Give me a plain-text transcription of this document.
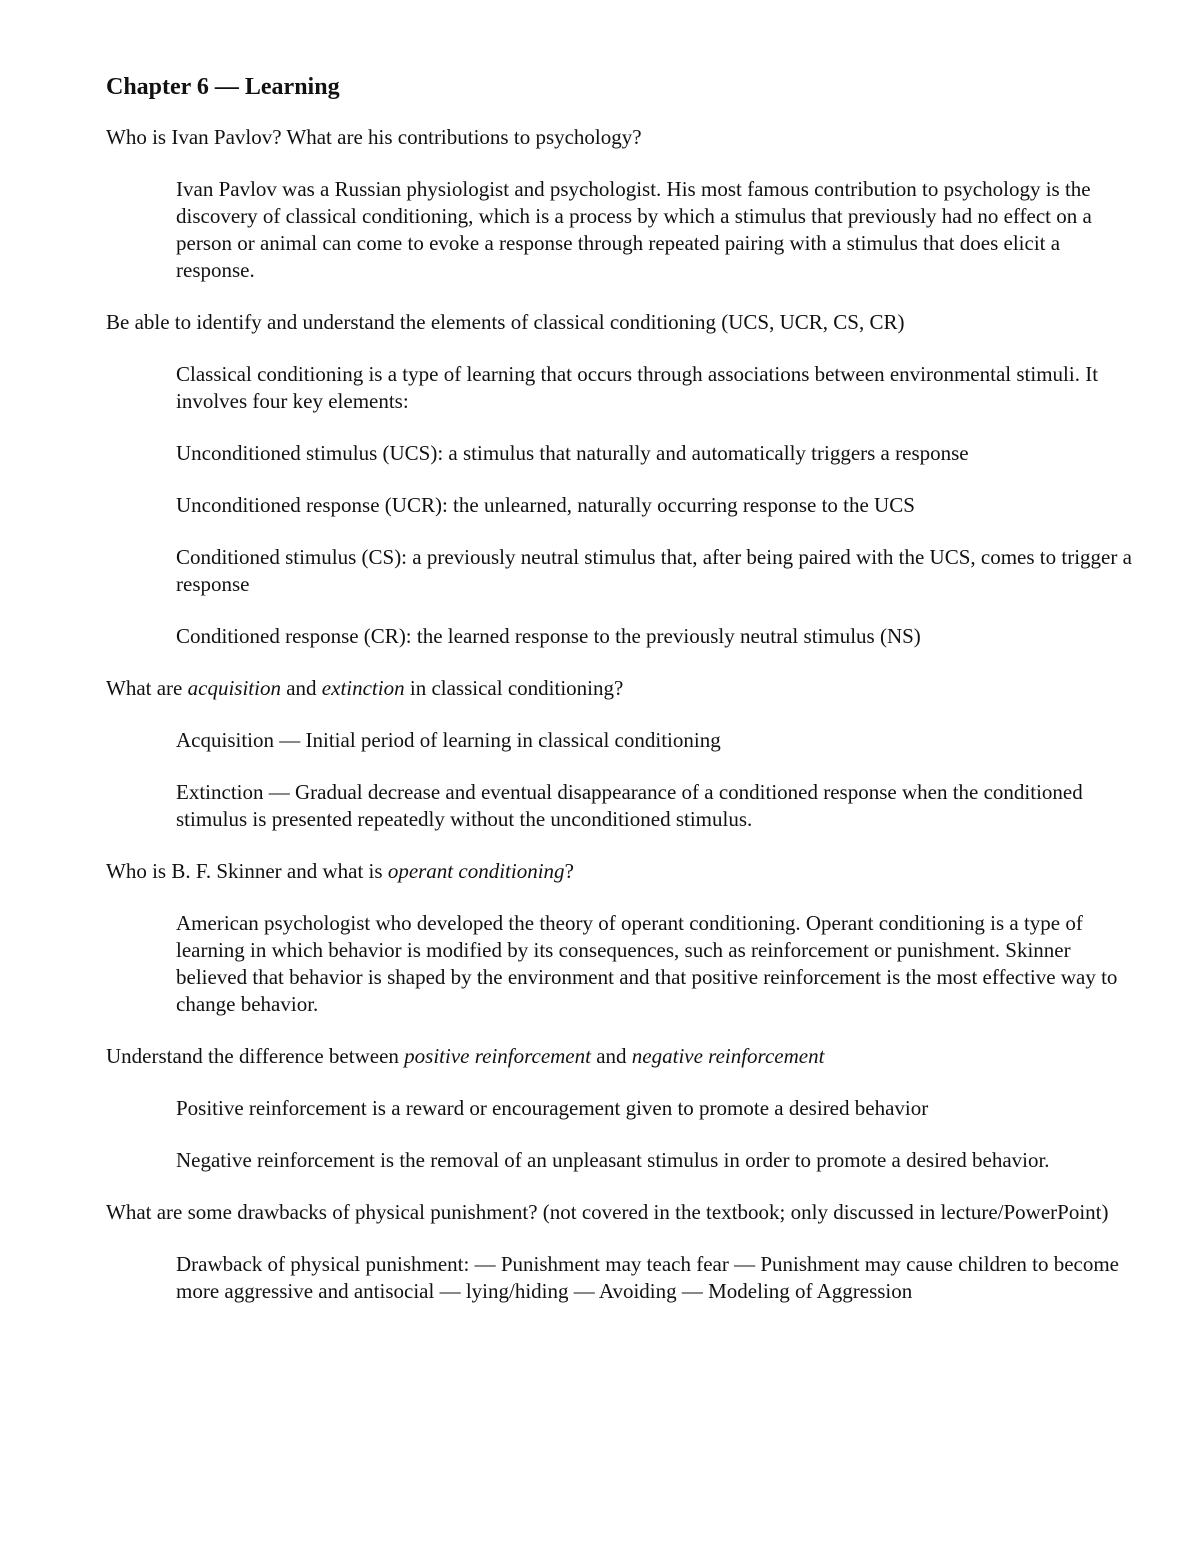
Chapter 6 — Learning
Who is Ivan Pavlov? What are his contributions to psychology?
Ivan Pavlov was a Russian physiologist and psychologist. His most famous contribution to psychology is the discovery of classical conditioning, which is a process by which a stimulus that previously had no effect on a person or animal can come to evoke a response through repeated pairing with a stimulus that does elicit a response.
Be able to identify and understand the elements of classical conditioning (UCS, UCR, CS, CR)
Classical conditioning is a type of learning that occurs through associations between environmental stimuli. It involves four key elements:
Unconditioned stimulus (UCS): a stimulus that naturally and automatically triggers a response
Unconditioned response (UCR): the unlearned, naturally occurring response to the UCS
Conditioned stimulus (CS): a previously neutral stimulus that, after being paired with the UCS, comes to trigger a response
Conditioned response (CR): the learned response to the previously neutral stimulus (NS)
What are acquisition and extinction in classical conditioning?
Acquisition — Initial period of learning in classical conditioning
Extinction — Gradual decrease and eventual disappearance of a conditioned response when the conditioned stimulus is presented repeatedly without the unconditioned stimulus.
Who is B. F. Skinner and what is operant conditioning?
American psychologist who developed the theory of operant conditioning. Operant conditioning is a type of learning in which behavior is modified by its consequences, such as reinforcement or punishment. Skinner believed that behavior is shaped by the environment and that positive reinforcement is the most effective way to change behavior.
Understand the difference between positive reinforcement and negative reinforcement
Positive reinforcement is a reward or encouragement given to promote a desired behavior
Negative reinforcement is the removal of an unpleasant stimulus in order to promote a desired behavior.
What are some drawbacks of physical punishment? (not covered in the textbook; only discussed in lecture/PowerPoint)
Drawback of physical punishment: — Punishment may teach fear — Punishment may cause children to become more aggressive and antisocial — lying/hiding — Avoiding — Modeling of Aggression
